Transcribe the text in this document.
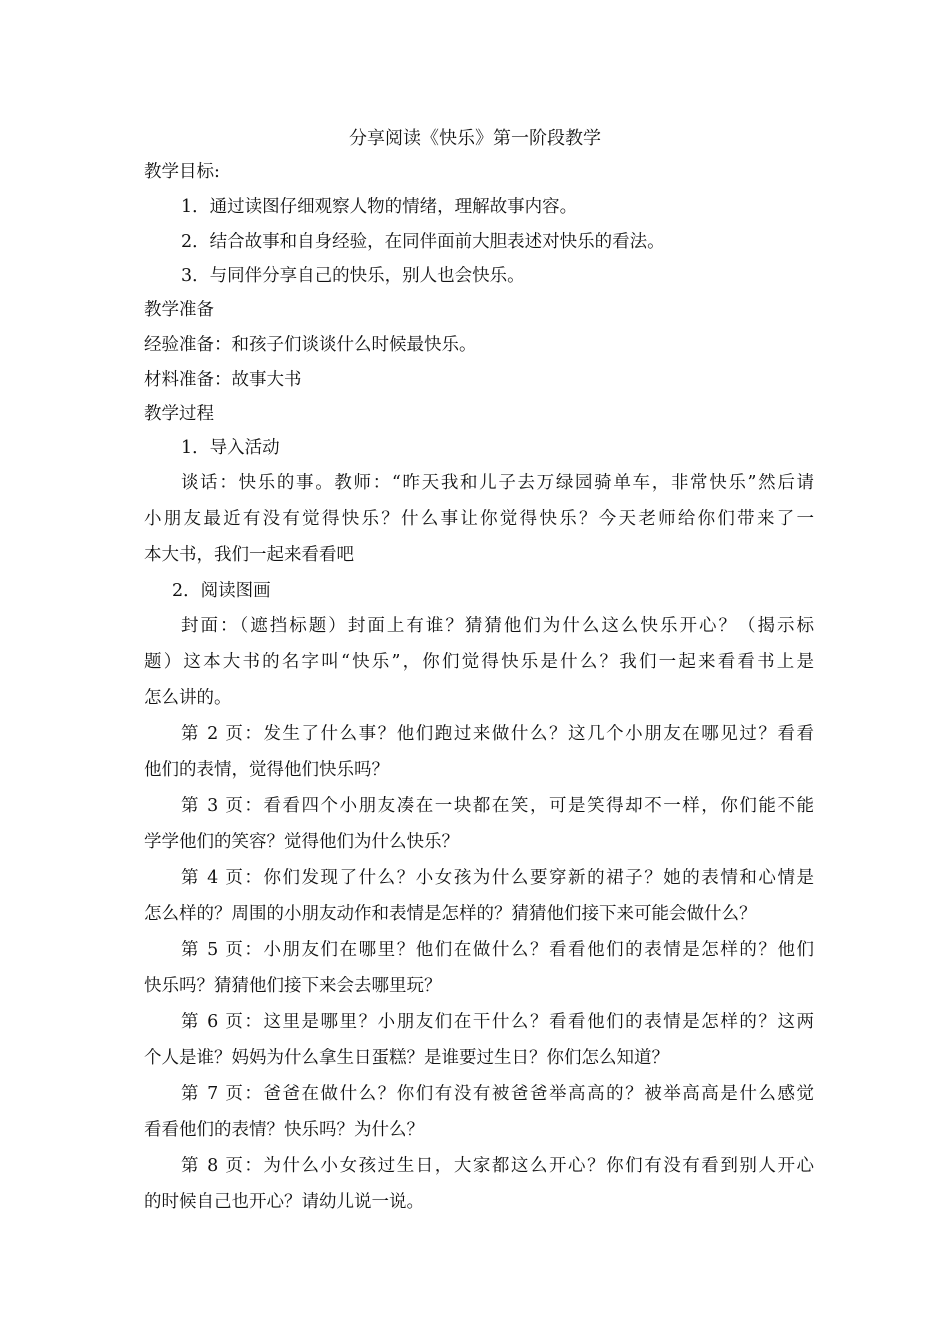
分享阅读《快乐》第一阶段教学
教学目标:
1．通过读图仔细观察人物的情绪，理解故事内容。
2．结合故事和自身经验，在同伴面前大胆表述对快乐的看法。
3．与同伴分享自己的快乐，别人也会快乐。
教学准备
经验准备：和孩子们谈谈什么时候最快乐。
材料准备：故事大书
教学过程
1．导入活动
谈话：快乐的事。教师：“昨天我和儿子去万绿园骑单车，非常快乐”然后请
小朋友最近有没有觉得快乐？什么事让你觉得快乐？今天老师给你们带来了一
本大书，我们一起来看看吧
2．阅读图画
封面：（遮挡标题）封面上有谁？猜猜他们为什么这么快乐开心？（揭示标
题）这本大书的名字叫“快乐”，你们觉得快乐是什么？我们一起来看看书上是
怎么讲的。
第 2 页：发生了什么事？他们跑过来做什么？这几个小朋友在哪见过？看看
他们的表情，觉得他们快乐吗？
第 3 页：看看四个小朋友凑在一块都在笑，可是笑得却不一样，你们能不能
学学他们的笑容？觉得他们为什么快乐？
第 4 页：你们发现了什么？小女孩为什么要穿新的裙子？她的表情和心情是
怎么样的？周围的小朋友动作和表情是怎样的？猜猜他们接下来可能会做什么？
第 5 页：小朋友们在哪里？他们在做什么？看看他们的表情是怎样的？他们
快乐吗？猜猜他们接下来会去哪里玩？
第 6 页：这里是哪里？小朋友们在干什么？看看他们的表情是怎样的？这两
个人是谁？妈妈为什么拿生日蛋糕？是谁要过生日？你们怎么知道？
第 7 页：爸爸在做什么？你们有没有被爸爸举高高的？被举高高是什么感觉
看看他们的表情？快乐吗？为什么？
第 8 页：为什么小女孩过生日，大家都这么开心？你们有没有看到别人开心
的时候自己也开心？请幼儿说一说。
